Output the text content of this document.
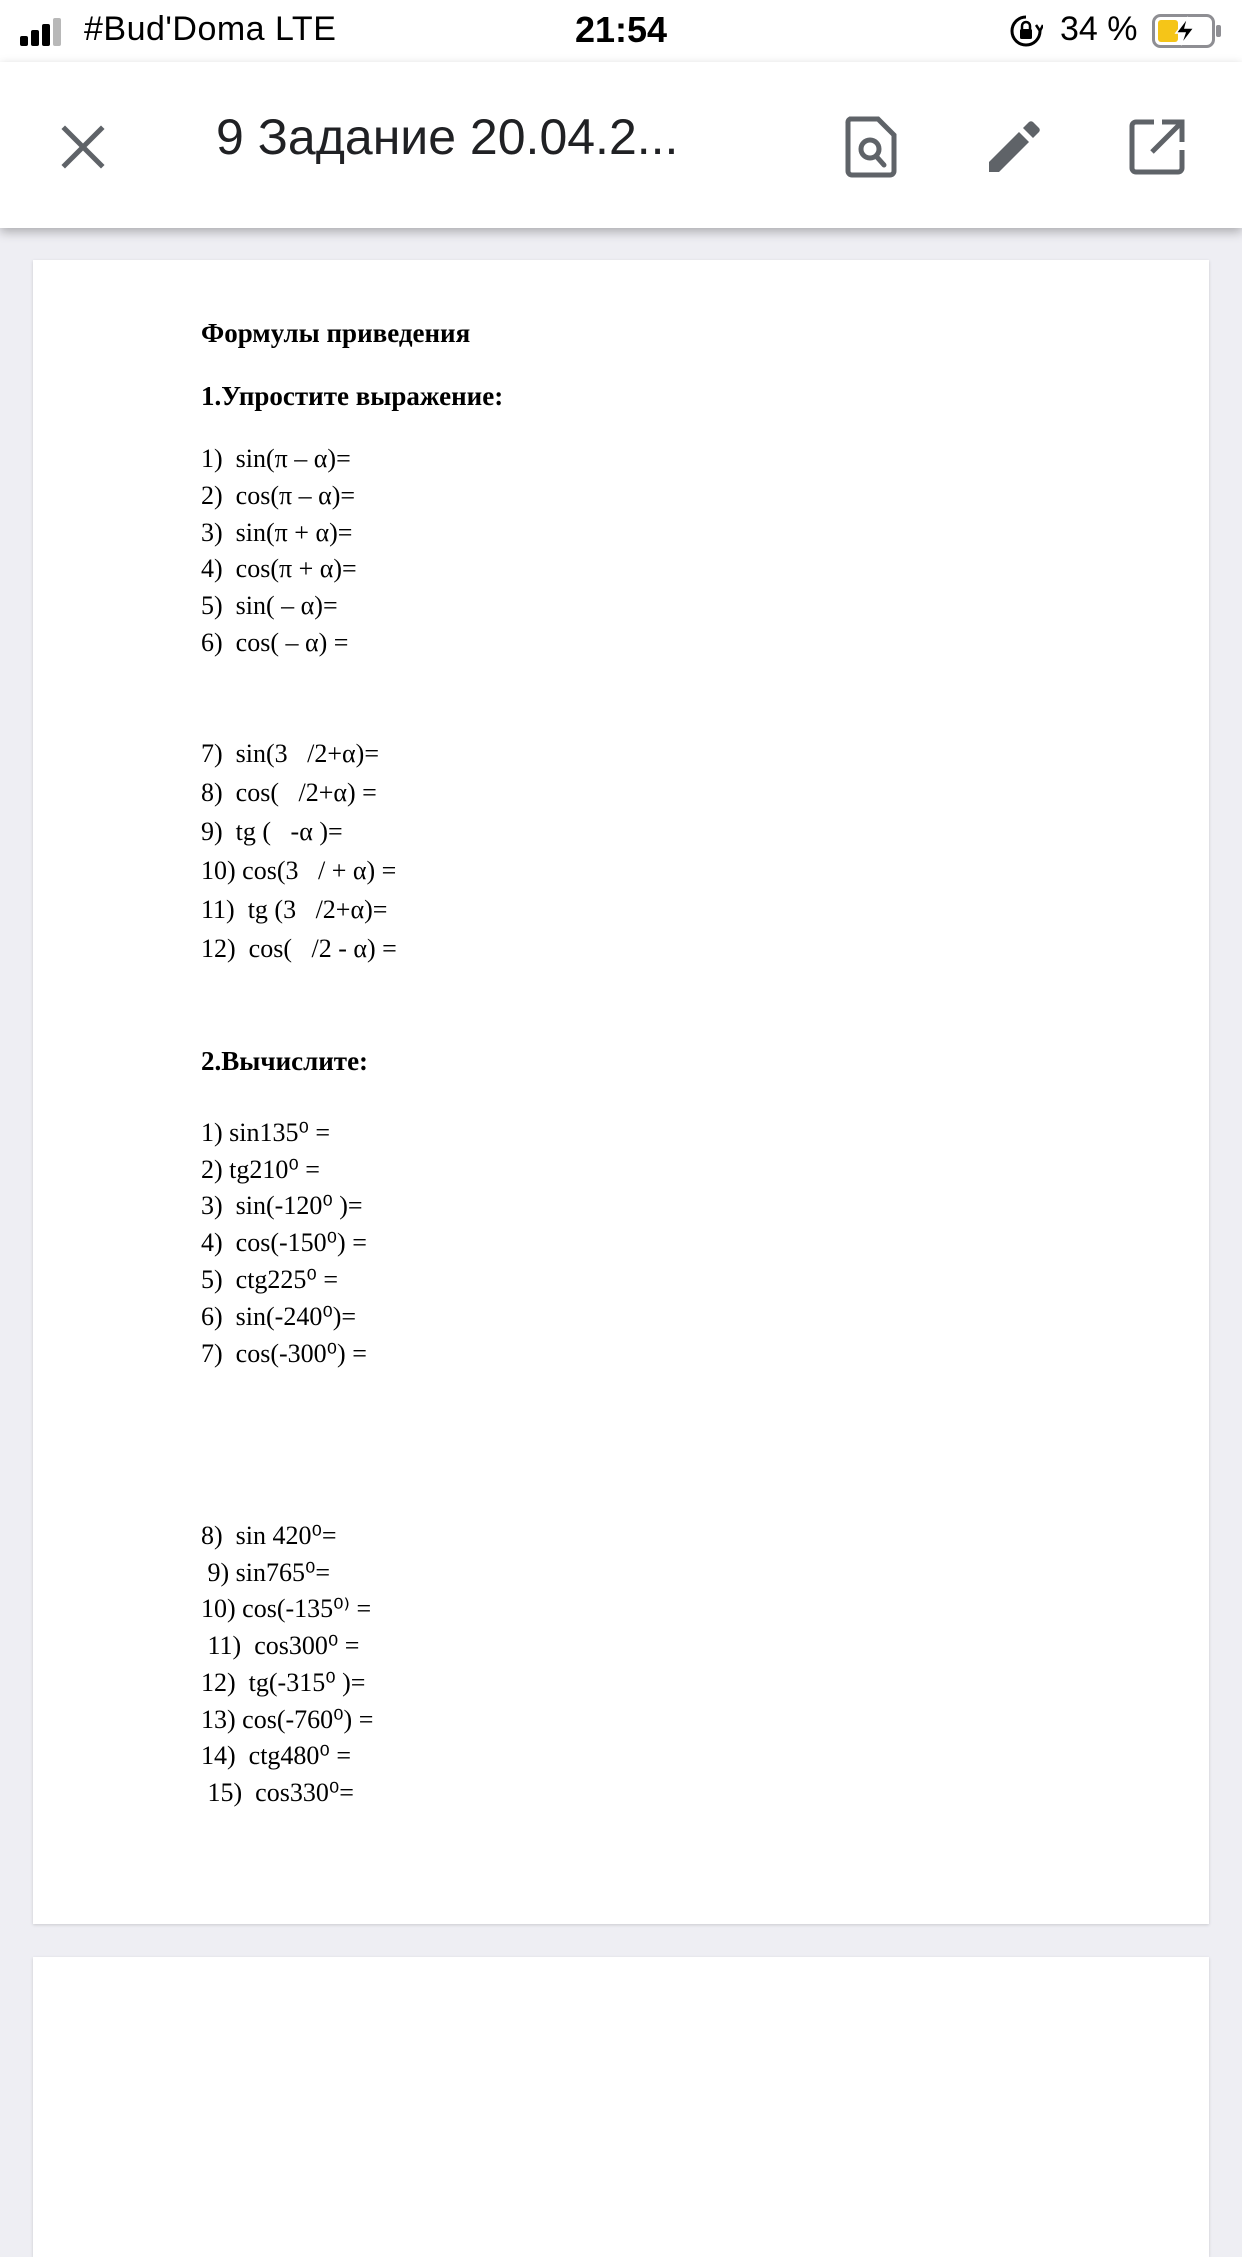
#Bud'Doma LTE	21:54	34 %
9 Задание 20.04.2...
Формулы приведения
1.Упростите выражение:
1)  sin(π – α)=
2)  cos(π – α)=
3)  sin(π + α)=
4)  cos(π + α)=
5)  sin( – α)=
6)  cos( – α) =
7)  sin(3   /2+α)=
8)  cos(   /2+α) =
9)  tg (   -α )=
10) cos(3   / + α) =
11)  tg (3   /2+α)=
12)  cos(   /2 - α) =
2.Вычислите:
1) sin135⁰ =
2) tg210⁰ =
3)  sin(-120⁰ )=
4)  cos(-150⁰) =
5)  ctg225⁰ =
6)  sin(-240⁰)=
7)  cos(-300⁰) =
8)  sin 420⁰=
9) sin765⁰=
10) cos(-135⁰⁾ =
11)  cos300⁰ =
12)  tg(-315⁰ )=
13) cos(-760⁰) =
14)  ctg480⁰ =
15)  cos330⁰=
